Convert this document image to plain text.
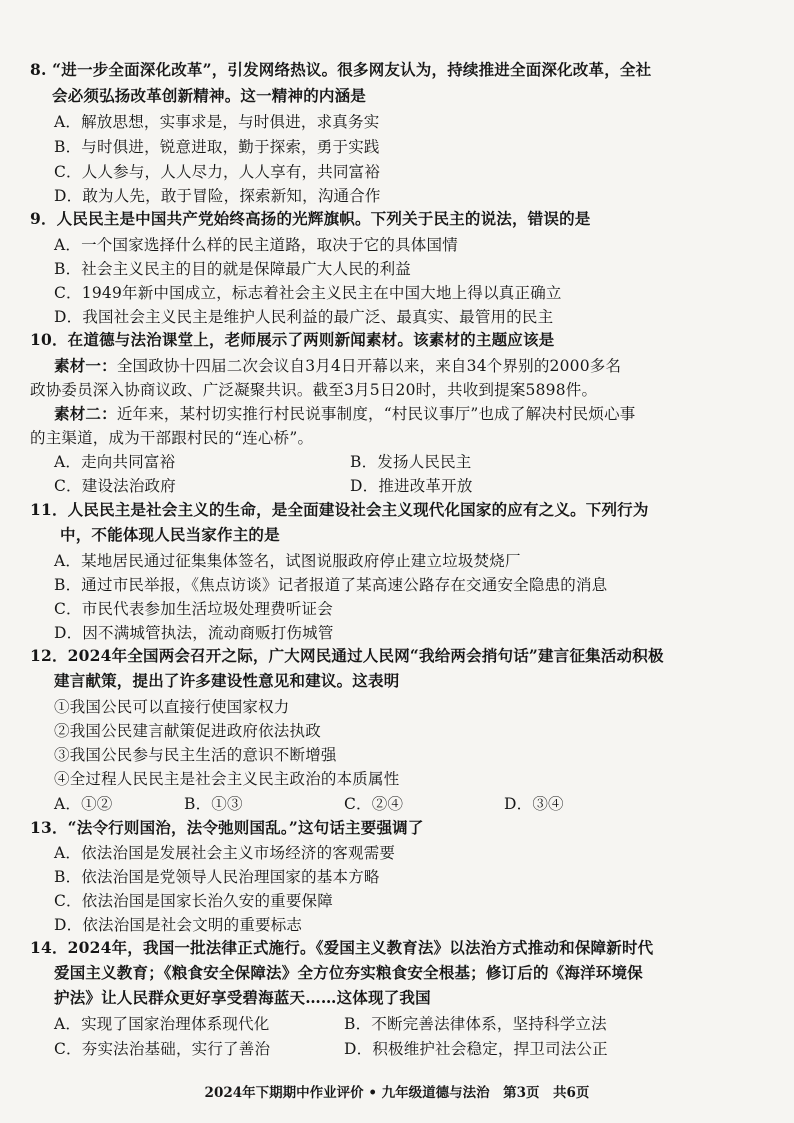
8. “进一步全面深化改革”，引发网络热议。很多网友认为，持续推进全面深化改革，全社
会必须弘扬改革创新精神。这一精神的内涵是
A．解放思想，实事求是，与时俱进，求真务实
B．与时俱进，锐意进取，勤于探索，勇于实践
C．人人参与，人人尽力，人人享有，共同富裕
D．敢为人先，敢于冒险，探索新知，沟通合作
9．人民民主是中国共产党始终高扬的光辉旗帜。下列关于民主的说法，错误的是
A．一个国家选择什么样的民主道路，取决于它的具体国情
B．社会主义民主的目的就是保障最广大人民的利益
C．1949年新中国成立，标志着社会主义民主在中国大地上得以真正确立
D．我国社会主义民主是维护人民利益的最广泛、最真实、最管用的民主
10．在道德与法治课堂上，老师展示了两则新闻素材。该素材的主题应该是
素材一：全国政协十四届二次会议自3月4日开幕以来，来自34个界别的2000多名
政协委员深入协商议政、广泛凝聚共识。截至3月5日20时，共收到提案5898件。
素材二：近年来，某村切实推行村民说事制度，“村民议事厅”也成了解决村民烦心事
的主渠道，成为干部跟村民的“连心桥”。
A．走向共同富裕	B．发扬人民民主
C．建设法治政府	D．推进改革开放
11．人民民主是社会主义的生命，是全面建设社会主义现代化国家的应有之义。下列行为
中，不能体现人民当家作主的是
A．某地居民通过征集集体签名，试图说服政府停止建立垃圾焚烧厂
B．通过市民举报，《焦点访谈》记者报道了某高速公路存在交通安全隐患的消息
C．市民代表参加生活垃圾处理费听证会
D．因不满城管执法，流动商贩打伤城管
12．2024年全国两会召开之际，广大网民通过人民网“我给两会捎句话”建言征集活动积极
建言献策，提出了许多建设性意见和建议。这表明
①我国公民可以直接行使国家权力
②我国公民建言献策促进政府依法执政
③我国公民参与民主生活的意识不断增强
④全过程人民民主是社会主义民主政治的本质属性
A．①②	B．①③	C．②④	D．③④
13．“法令行则国治，法令弛则国乱。”这句话主要强调了
A．依法治国是发展社会主义市场经济的客观需要
B．依法治国是党领导人民治理国家的基本方略
C．依法治国是国家长治久安的重要保障
D．依法治国是社会文明的重要标志
14．2024年，我国一批法律正式施行。《爱国主义教育法》以法治方式推动和保障新时代
爱国主义教育；《粮食安全保障法》全方位夯实粮食安全根基；修订后的《海洋环境保
护法》让人民群众更好享受碧海蓝天……这体现了我国
A．实现了国家治理体系现代化	B．不断完善法律体系，坚持科学立法
C．夯实法治基础，实行了善治	D．积极维护社会稳定，捍卫司法公正
2024年下期期中作业评价 • 九年级道德与法治　第3页　共6页
